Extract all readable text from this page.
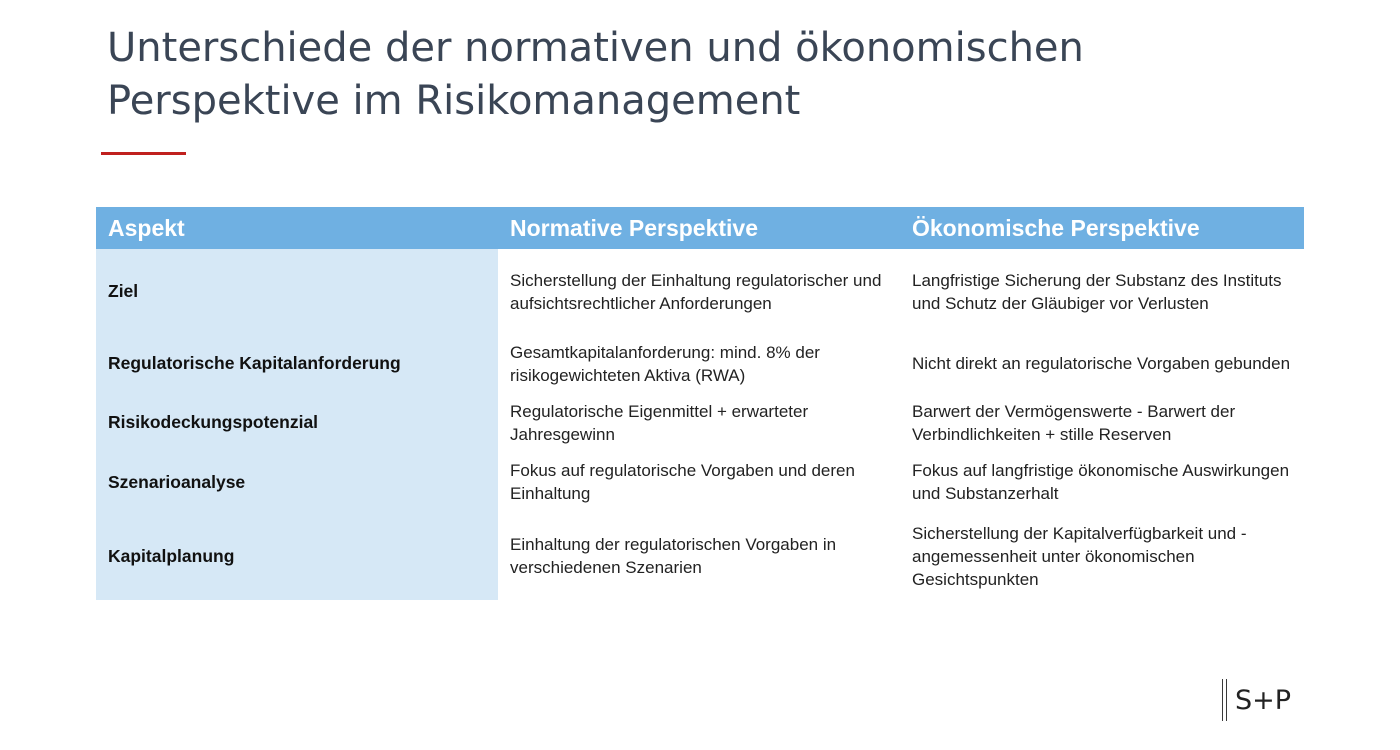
Unterschiede der normativen und ökonomischen Perspektive im Risikomanagement
Aspekt	Normative Perspektive	Ökonomische Perspektive
Ziel	Sicherstellung der Einhaltung regulatorischer und aufsichtsrechtlicher Anforderungen	Langfristige Sicherung der Substanz des Instituts und Schutz der Gläubiger vor Verlusten
Regulatorische Kapitalanforderung	Gesamtkapitalanforderung: mind. 8% der risikogewichteten Aktiva (RWA)	Nicht direkt an regulatorische Vorgaben gebunden
Risikodeckungspotenzial	Regulatorische Eigenmittel + erwarteter Jahresgewinn	Barwert der Vermögenswerte - Barwert der Verbindlichkeiten + stille Reserven
Szenarioanalyse	Fokus auf regulatorische Vorgaben und deren Einhaltung	Fokus auf langfristige ökonomische Auswirkungen und Substanzerhalt
Kapitalplanung	Einhaltung der regulatorischen Vorgaben in verschiedenen Szenarien	Sicherstellung der Kapitalverfügbarkeit und -angemessenheit unter ökonomischen Gesichtspunkten
S+P
